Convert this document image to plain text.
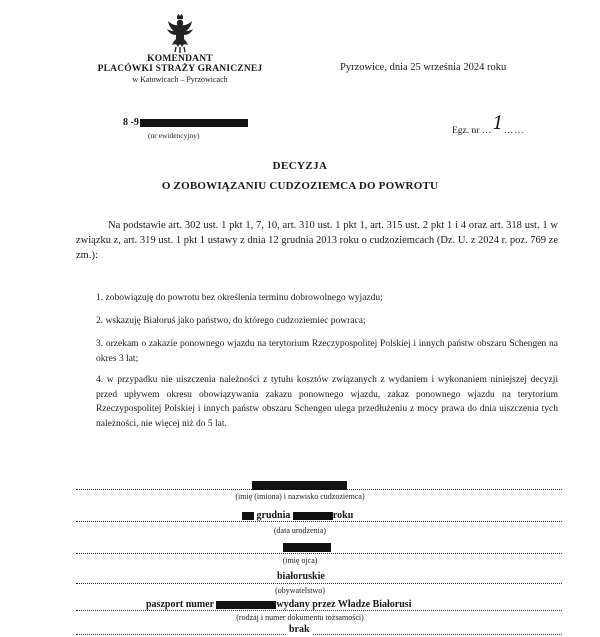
KOMENDANT
PLACÓWKI STRAŻY GRANICZNEJ
w Katowicach – Pyrzowicach
Pyrzowice, dnia 25 września 2024 roku
8 -9
(nr ewidencyjny)	Egz. nr …1……
DECYZJA
O ZOBOWIĄZANIU CUDZOZIEMCA DO POWROTU
Na podstawie art. 302 ust. 1 pkt 1, 7, 10, art. 310 ust. 1 pkt 1, art. 315 ust. 2 pkt 1 i 4 oraz art. 318 ust. 1 w związku z, art. 319 ust. 1 pkt 1 ustawy z dnia 12 grudnia 2013 roku o cudzoziemcach (Dz. U. z 2024 r. poz. 769 ze zm.):
1. zobowiązuję do powrotu bez określenia terminu dobrowolnego wyjazdu;
2. wskazuję Białoruś jako państwo, do którego cudzoziemiec powraca;
3. orzekam o zakazie ponownego wjazdu na terytorium Rzeczypospolitej Polskiej i innych państw obszaru Schengen na okres 3 lat;
4. w przypadku nie uiszczenia należności z tytułu kosztów związanych z wydaniem i wykonaniem niniejszej decyzji przed upływem okresu obowiązywania zakazu ponownego wjazdu, zakaz ponownego wjazdu na terytorium Rzeczypospolitej Polskiej i innych państw obszaru Schengen ulega przedłużeniu z mocy prawa do dnia uiszczenia tych należności, nie więcej niż do 5 lat.
(imię (imiona) i nazwisko cudzoziemca)
grudnia	roku
(data urodzenia)
(imię ojca)
białoruskie
(obywatelstwo)
paszport numer	wydany przez Władze Białorusi
(rodzaj i numer dokumentu tożsamości)
brak
